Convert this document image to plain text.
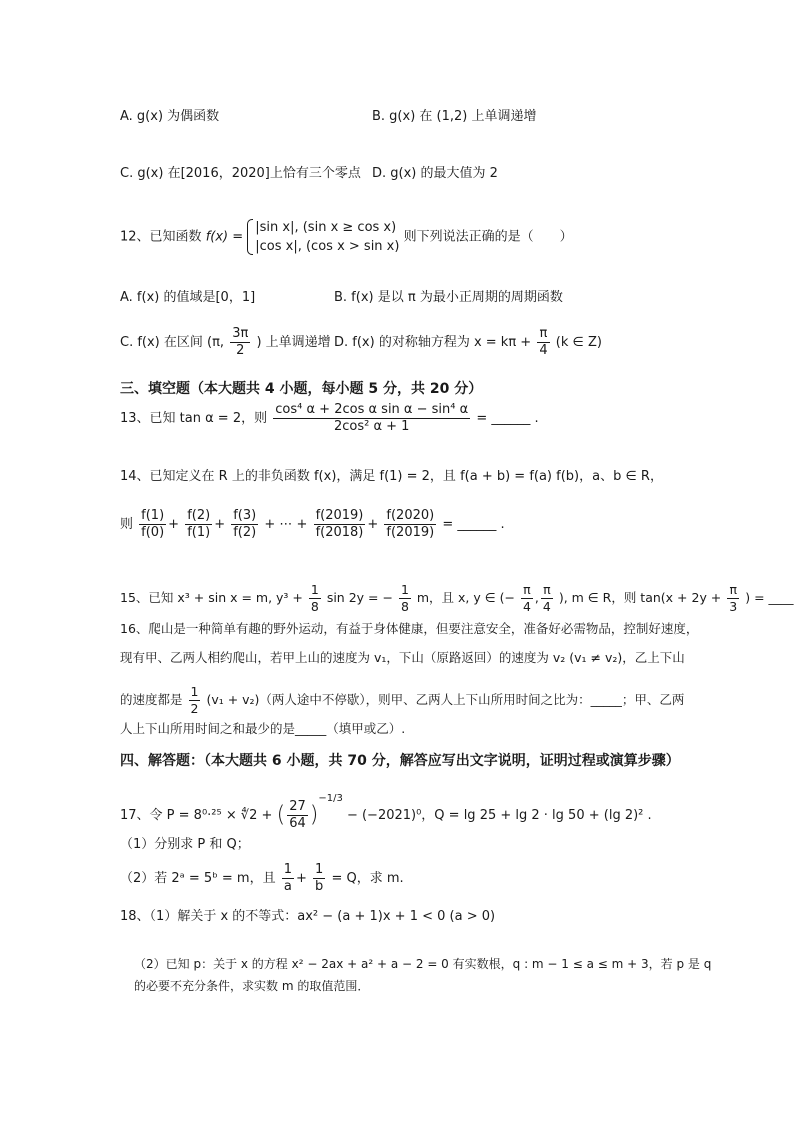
A. g(x) 为偶函数	B. g(x) 在 (1,2) 上单调递增
C. g(x) 在[2016，2020]上恰有三个零点 D. g(x) 的最大值为 2
12、已知函数 f(x) =
|sin x|, (sin x ≥ cos x)
|cos x|, (cos x > sin x)
则下列说法正确的是（　　）
A. f(x) 的值域是[0，1]	B. f(x) 是以 π 为最小正周期的周期函数
C. f(x) 在区间 (π, $\frac{3\pi}{2}$ ) 上单调递增 D. f(x) 的对称轴方程为 $x = k\pi + \frac{\pi}{4} (k$ ∈ Z)
三、填空题（本大题共 4 小题，每小题 5 分，共 20 分）
13、已知 tan α = 2，则 $\frac{\text{cos⁴ α + 2cos α sin α − sin⁴ α}}{\text{2cos² α + 1}}$ = ______ .
14、已知定义在 R 上的非负函数 f(x)，满足 f(1) = 2，且 f(a + b) = f(a) f(b)，a、b ∈ R，
则 $\frac{f(1)}{f(0)} + \frac{f(2)}{f(1)} + \frac{f(3)}{f(2)}$ + ⋯ + $\frac{f(2019)}{f(2018)} + \frac{f(2020)}{f(2019)}$ = ______ .
15、已知 x³ + sin x = m, $y^3 + \frac{1}{8}$ sin 2y = − $\frac{1}{8}$ m，且 x, y ∈ (− $\frac{\pi}{4}$ , $\frac{\pi}{4}$ ), m ∈ R，则 $\tan(x + 2y + \frac{\pi}{3}$ ) = ____
16、爬山是一种简单有趣的野外运动，有益于身体健康，但要注意安全，准备好必需物品，控制好速度，
现有甲、乙两人相约爬山，若甲上山的速度为 v₁，下山（原路返回）的速度为 v₂ (v₁ ≠ v₂)，乙上下山
的速度都是 $\frac{1}{2} (v_1 + v_2)$（两人途中不停歇），则甲、乙两人上下山所用时间之比为：_____；甲、乙两
人上下山所用时间之和最少的是_____（填甲或乙）.
四、解答题：（本大题共 6 小题，共 70 分，解答应写出文字说明，证明过程或演算步骤）
17、令 P = 8⁰·²⁵ × ∜2 + ( $\frac{27}{64} )^{-1/3} - (-2021)^0$，Q = lg 25 + lg 2 · lg 50 + (lg 2)² .
（1）分别求 P 和 Q；
（2）若 2ᵃ = 5ᵇ = m，且 $\frac{1}{a} + \frac{1}{b} = Q$，求 m.
18、（1）解关于 x 的不等式：ax² − (a + 1)x + 1 < 0 (a > 0)
（2）已知 p：关于 x 的方程 x² − 2ax + a² + a − 2 = 0 有实数根，q : m − 1 ≤ a ≤ m + 3，若 p 是 q
的必要不充分条件，求实数 m 的取值范围．
